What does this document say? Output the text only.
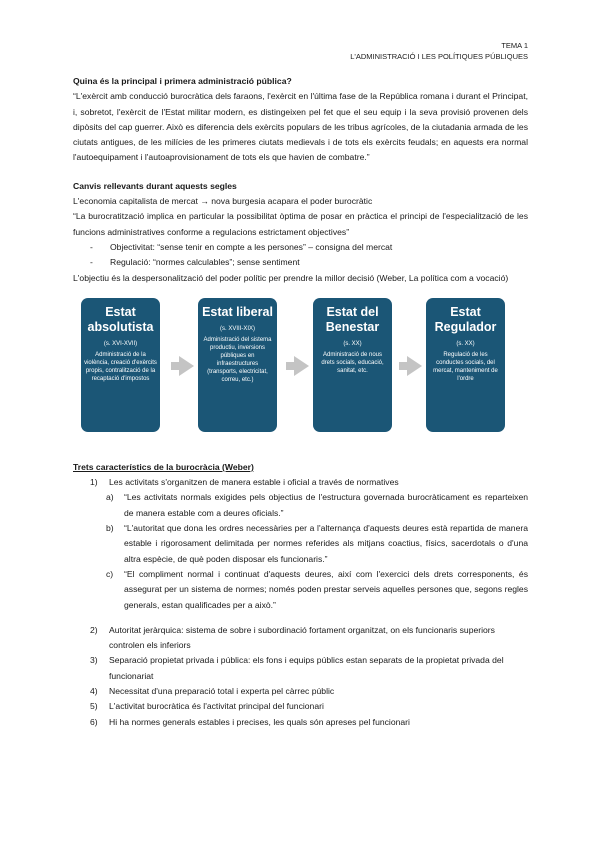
TEMA 1
L'ADMINISTRACIÓ I LES POLÍTIQUES PÚBLIQUES
Quina és la principal i primera administració pública?
“L'exèrcit amb conducció burocràtica dels faraons, l'exèrcit en l'última fase de la República romana i durant el Principat, i, sobretot, l'exèrcit de l'Estat militar modern, es distingeixen pel fet que el seu equip i la seva provisió provenen dels dipòsits del cap guerrer. Això es diferencia dels exèrcits populars de les tribus agrícoles, de la ciutadania armada de les ciutats antigues, de les milícies de les primeres ciutats medievals i de tots els exèrcits feudals; en aquests era normal l'autoequipament i l'autoaprovisionament de tots els que havien de combatre.”
Canvis rellevants durant aquests segles
L'economia capitalista de mercat → nova burgesia acapara el poder burocràtic
“La burocratització implica en particular la possibilitat òptima de posar en pràctica el principi de l'especialització de les funcions administratives conforme a regulacions estrictament objectives”
- Objectivitat: “sense tenir en compte a les persones” – consigna del mercat
- Regulació: “normes calculables”; sense sentiment
L'objectiu és la despersonalització del poder polític per prendre la millor decisió (Weber, La política com a vocació)
Estat absolutista
(s. XVI-XVII)
Administració de la violència, creació d'exèrcits propis, contralització de la recaptació d'impostos
Estat liberal
(s. XVIII-XIX)
Administració del sistema productiu, inversions públiques en infraestructures (transports, electricitat, correu, etc.)
Estat del Benestar
(s. XX)
Administració de nous drets socials, educació, sanitat, etc.
Estat Regulador
(s. XX)
Regulació de les conductes socials, del mercat, manteniment de l'ordre
Trets característics de la burocràcia (Weber)
1) Les activitats s'organitzen de manera estable i oficial a través de normatives
a) “Les activitats normals exigides pels objectius de l'estructura governada burocràticament es reparteixen de manera estable com a deures oficials.”
b) “L'autoritat que dona les ordres necessàries per a l'alternança d'aquests deures està repartida de manera estable i rigorosament delimitada per normes referides als mitjans coactius, físics, sacerdotals o d'una altra espècie, de què poden disposar els funcionaris.”
c) “El compliment normal i continuat d'aquests deures, així com l'exercici dels drets corresponents, és assegurat per un sistema de normes; només poden prestar serveis aquelles persones que, segons regles generals, estan qualificades per a això.”
2) Autoritat jeràrquica: sistema de sobre i subordinació fortament organitzat, on els funcionaris superiors controlen els inferiors
3) Separació propietat privada i pública: els fons i equips públics estan separats de la propietat privada del funcionariat
4) Necessitat d'una preparació total i experta pel càrrec públic
5) L'activitat burocràtica és l'activitat principal del funcionari
6) Hi ha normes generals estables i precises, les quals són apreses pel funcionari
